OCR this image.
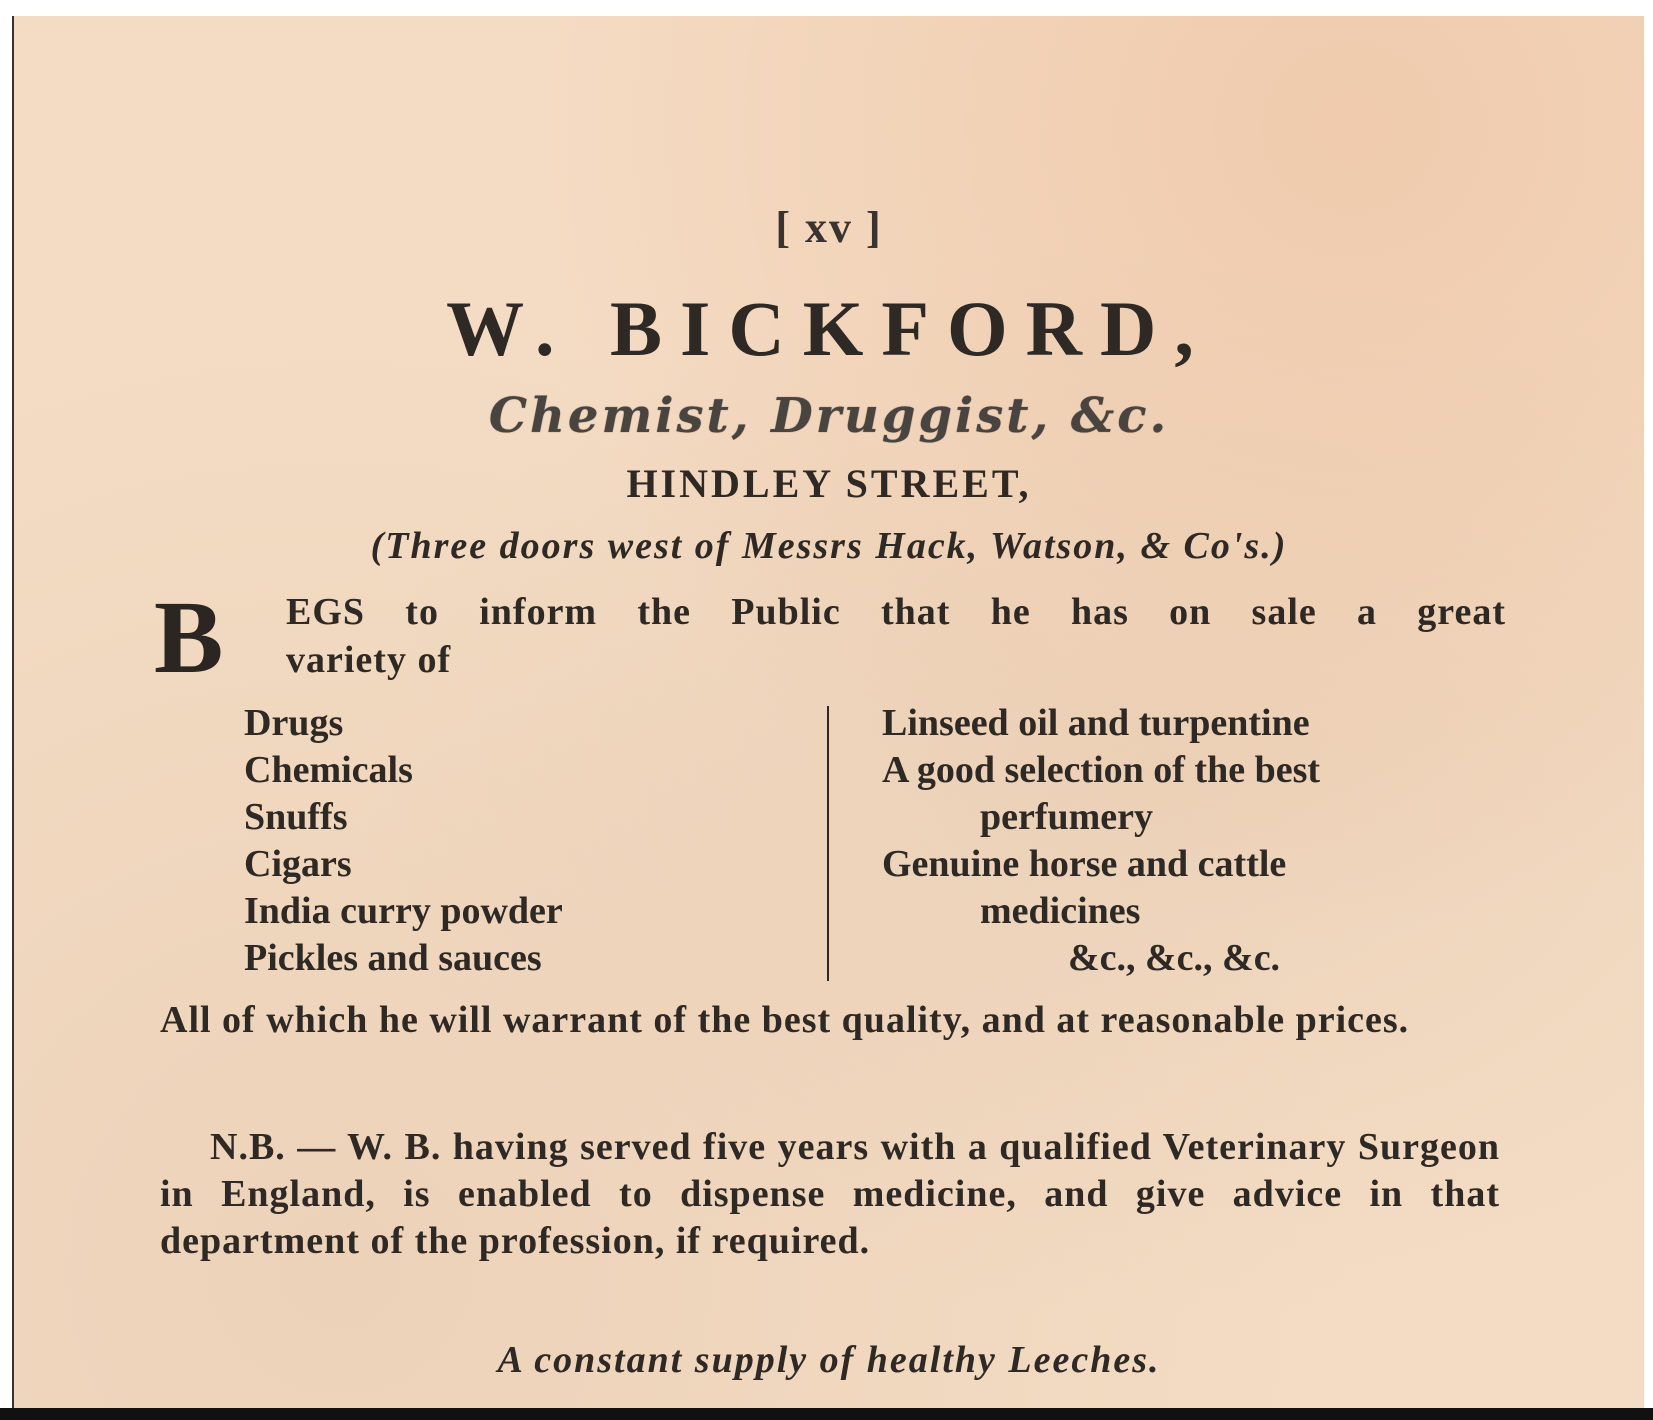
[ xv ]
W. BICKFORD,
Chemist, Druggist, &c.
HINDLEY STREET,
(Three doors west of Messrs Hack, Watson, & Co's.)
B EGS to inform the Public that he has on sale a great
variety of
Drugs
Chemicals
Snuffs
Cigars
India curry powder
Pickles and sauces
Linseed oil and turpentine
A good selection of the best
perfumery
Genuine horse and cattle
medicines
&c., &c., &c.
All of which he will warrant of the best quality, and at reasonable prices.
N.B. — W. B. having served five years with a qualified Veterinary Surgeon in England, is enabled to dispense medicine, and give advice in that department of the profession, if required.
A constant supply of healthy Leeches.
